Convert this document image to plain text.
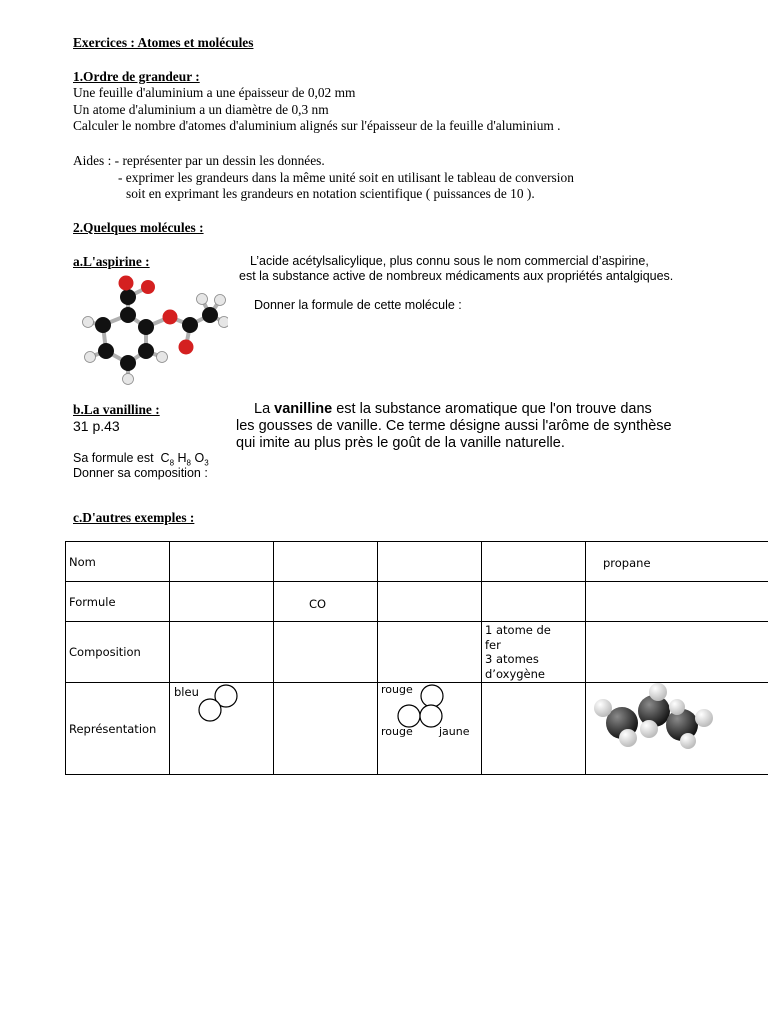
Exercices : Atomes et molécules
1.Ordre de grandeur :
Une feuille d'aluminium a une épaisseur de 0,02 mm
Un atome d'aluminium a un diamètre de 0,3 nm
Calculer le nombre d'atomes d'aluminium alignés sur l'épaisseur de la feuille d'aluminium .
Aides : - représenter par un dessin les données.
- exprimer les grandeurs dans la même unité soit en utilisant le tableau de conversion
soit en exprimant les grandeurs en notation scientifique ( puissances de 10 ).
2.Quelques molécules :
a.L'aspirine :	L’acide acétylsalicylique, plus connu sous le nom commercial d’aspirine,
est la substance active de nombreux médicaments aux propriétés antalgiques.
Donner la formule de cette molécule :
b.La vanilline :
31 p.43
La vanilline est la substance aromatique que l'on trouve dans
les gousses de vanille. Ce terme désigne aussi l'arôme de synthèse
qui imite au plus près le goût de la vanille naturelle.
Sa formule est $C_8$ $H_8$ $O_3$
Donner sa composition :
c.D'autres exemples :
Nom					propane

Formule		CO			

Composition				1 atome de
fer
3 atomes
d’oxygène	

Représentation	bleu		rouge
rouge jaune
